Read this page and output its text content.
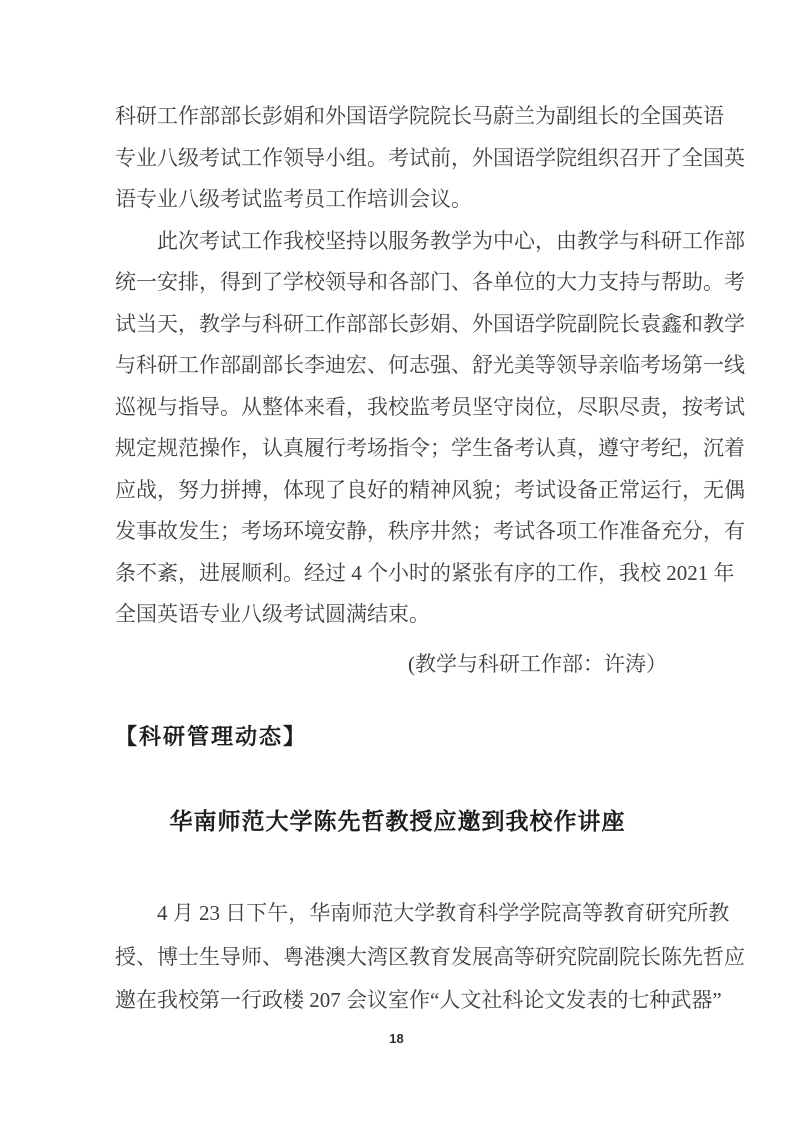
科研工作部部长彭娟和外国语学院院长马蔚兰为副组长的全国英语
专业八级考试工作领导小组。考试前，外国语学院组织召开了全国英
语专业八级考试监考员工作培训会议。
此次考试工作我校坚持以服务教学为中心，由教学与科研工作部
统一安排，得到了学校领导和各部门、各单位的大力支持与帮助。考
试当天，教学与科研工作部部长彭娟、外国语学院副院长袁鑫和教学
与科研工作部副部长李迪宏、何志强、舒光美等领导亲临考场第一线
巡视与指导。从整体来看，我校监考员坚守岗位，尽职尽责，按考试
规定规范操作，认真履行考场指令；学生备考认真，遵守考纪，沉着
应战，努力拼搏，体现了良好的精神风貌；考试设备正常运行，无偶
发事故发生；考场环境安静，秩序井然；考试各项工作准备充分，有
条不紊，进展顺利。经过 4 个小时的紧张有序的工作，我校 2021 年
全国英语专业八级考试圆满结束。
(教学与科研工作部：许涛）
【科研管理动态】
华南师范大学陈先哲教授应邀到我校作讲座
4 月 23 日下午，华南师范大学教育科学学院高等教育研究所教
授、博士生导师、粤港澳大湾区教育发展高等研究院副院长陈先哲应
邀在我校第一行政楼 207 会议室作“人文社科论文发表的七种武器”
18
